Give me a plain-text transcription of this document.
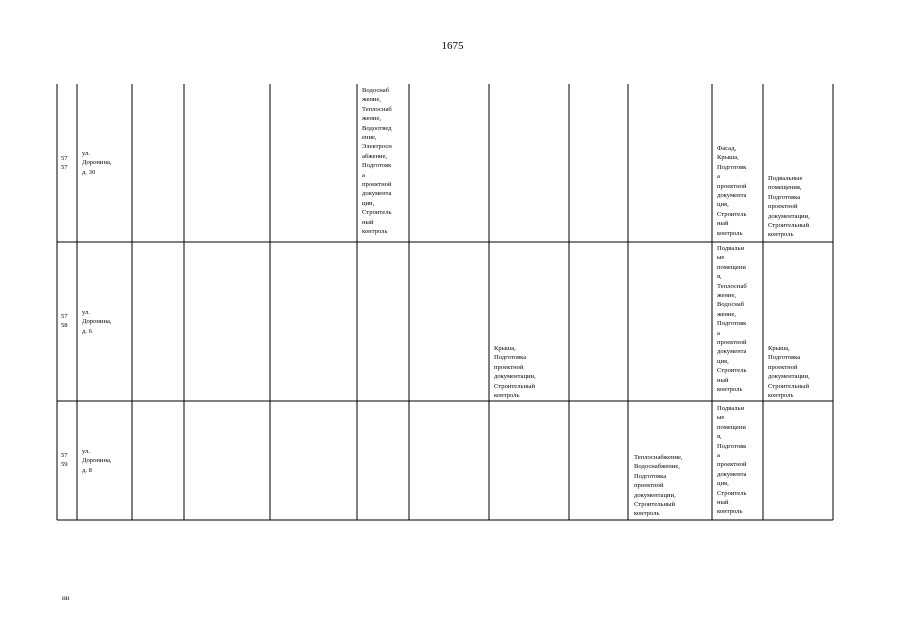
1675
57
57
ул.
Доронина,
д. 30
Водоснаб
жение,
Теплоснаб
жение,
Водоотвед
ение,
Электросн
абжение,
Подготовк
а
проектной
документа
ции,
Строитель
ный
контроль
Фасад,
Крыша,
Подготовк
а
проектной
документа
ция,
Строитель
ный
контроль
Подвальные
помещения,
Подготовка
проектной
документации,
Строительный
контроль
57
58
ул.
Доронина,
д. 6
Крыша,
Подготовка
проектной
документации,
Строительный
контроль
Подвальн
ые
помещени
я,
Теплоснаб
жение,
Водоснаб
жение,
Подготовк
а
проектной
документа
ция,
Строитель
ный
контроль
Крыша,
Подготовка
проектной
документации,
Строительный
контроль
57
59
ул.
Доронина,
д. 8
Теплоснабжение,
Водоснабжение,
Подготовка
проектной
документации,
Строительный
контроль
Подвальн
ые
помещени
я,
Подготовк
а
проектной
документа
ция,
Строитель
ный
контроль
нн
